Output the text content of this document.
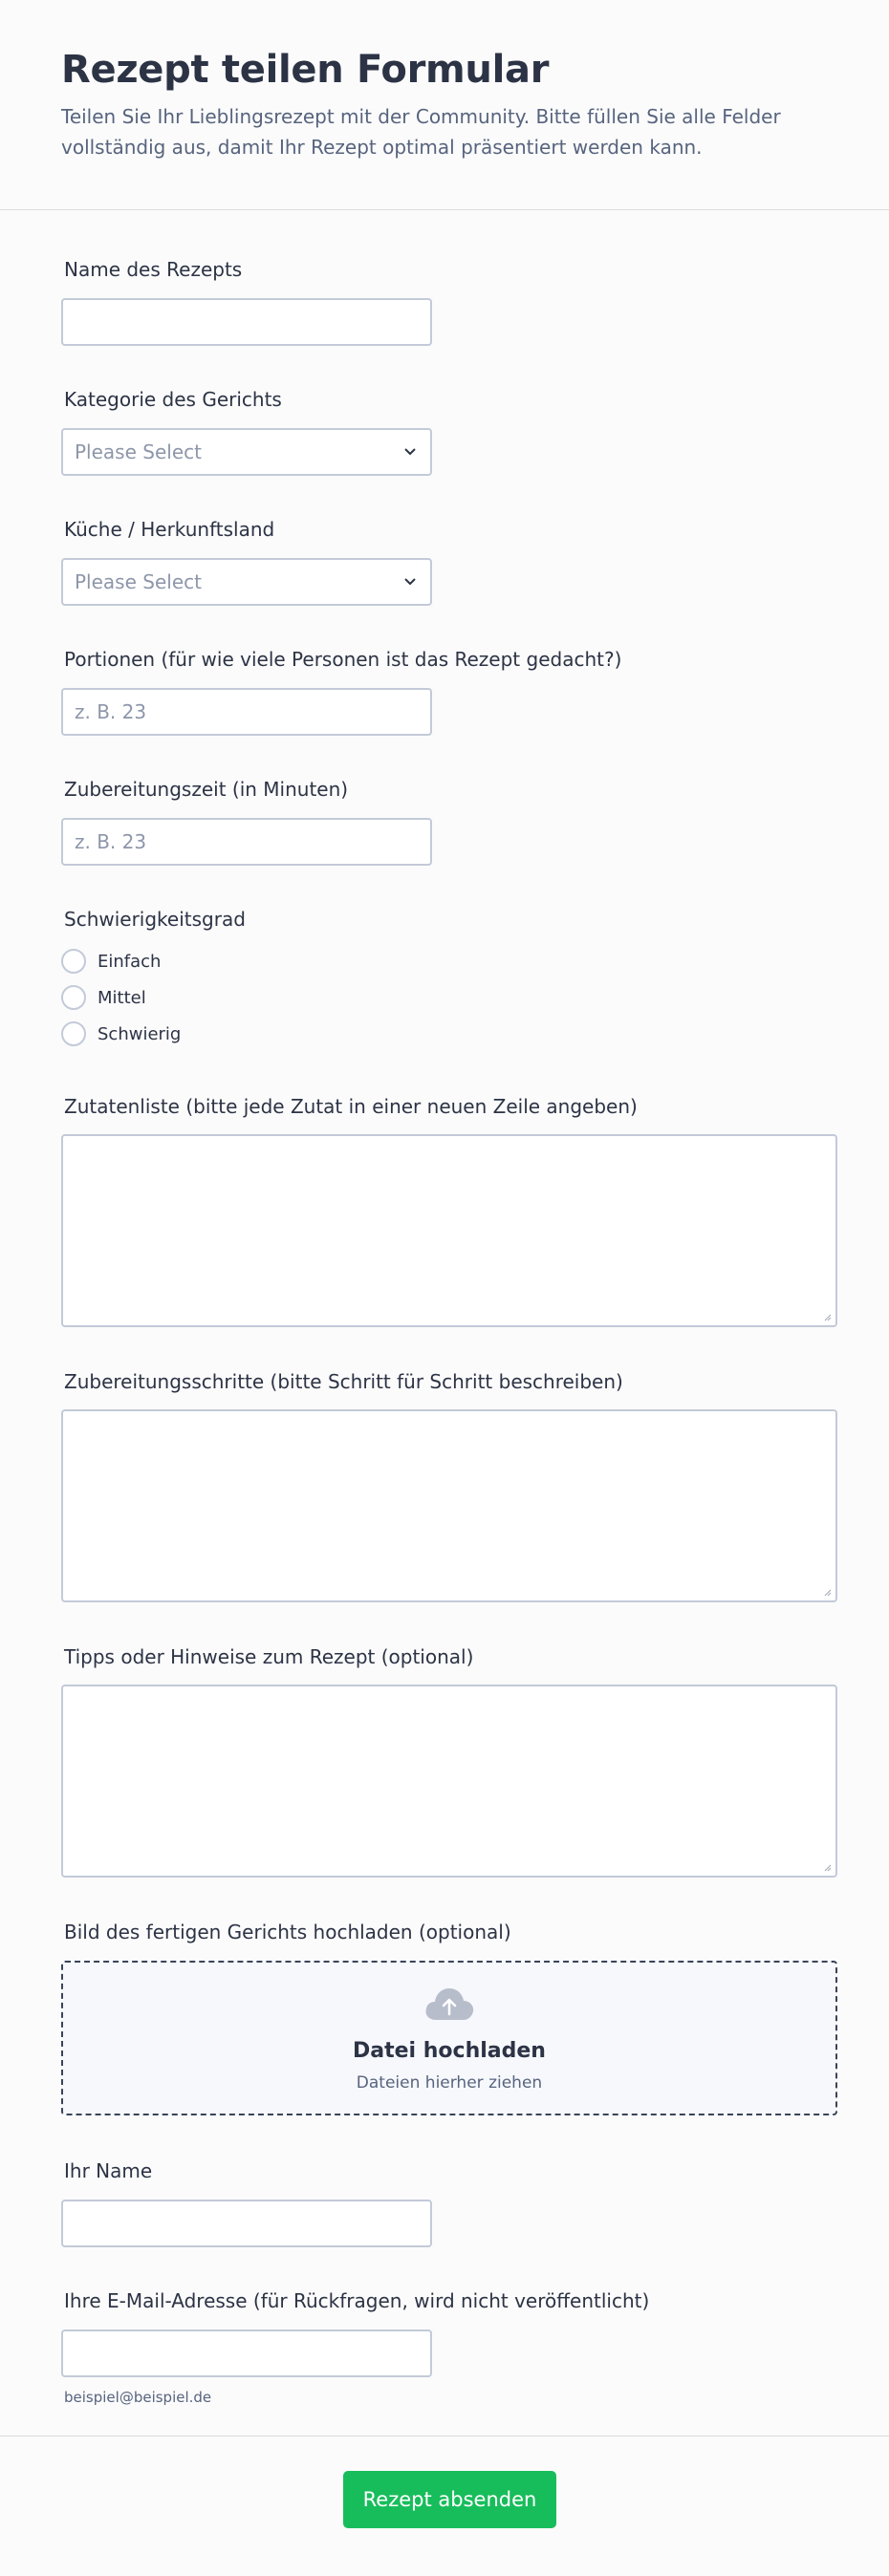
Rezept teilen Formular
Teilen Sie Ihr Lieblingsrezept mit der Community. Bitte füllen Sie alle Felder vollständig aus, damit Ihr Rezept optimal präsentiert werden kann.
Name des Rezepts
Kategorie des Gerichts
Please Select
Küche / Herkunftsland
Please Select
Portionen (für wie viele Personen ist das Rezept gedacht?)
z. B. 23
Zubereitungszeit (in Minuten)
z. B. 23
Schwierigkeitsgrad
Einfach
Mittel
Schwierig
Zutatenliste (bitte jede Zutat in einer neuen Zeile angeben)
Zubereitungsschritte (bitte Schritt für Schritt beschreiben)
Tipps oder Hinweise zum Rezept (optional)
Bild des fertigen Gerichts hochladen (optional)
Datei hochladen
Dateien hierher ziehen
Ihr Name
Ihre E-Mail-Adresse (für Rückfragen, wird nicht veröffentlicht)
beispiel@beispiel.de
Rezept absenden
